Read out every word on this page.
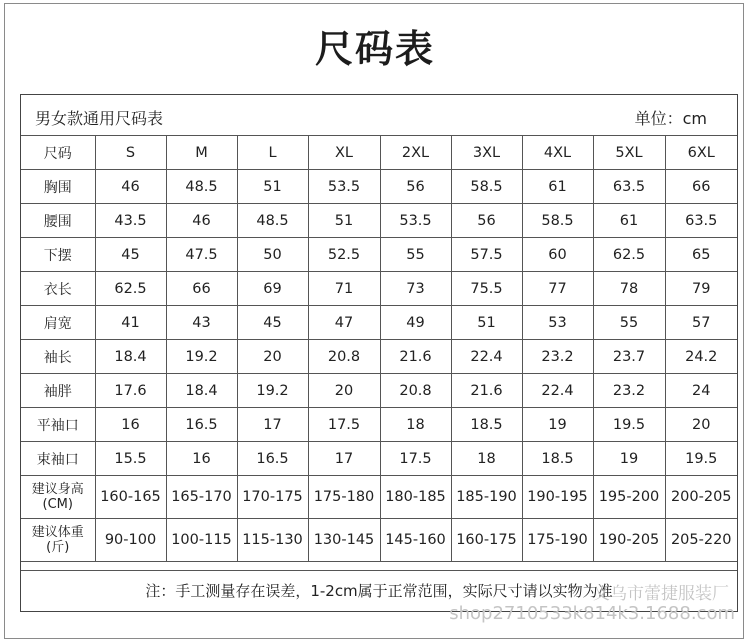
尺码表
男女款通用尺码表	单位：cm
尺码	S	M	L	XL	2XL	3XL	4XL	5XL	6XL
胸围	46	48.5	51	53.5	56	58.5	61	63.5	66
腰围	43.5	46	48.5	51	53.5	56	58.5	61	63.5
下摆	45	47.5	50	52.5	55	57.5	60	62.5	65
衣长	62.5	66	69	71	73	75.5	77	78	79
肩宽	41	43	45	47	49	51	53	55	57
袖长	18.4	19.2	20	20.8	21.6	22.4	23.2	23.7	24.2
袖胖	17.6	18.4	19.2	20	20.8	21.6	22.4	23.2	24
平袖口	16	16.5	17	17.5	18	18.5	19	19.5	20
束袖口	15.5	16	16.5	17	17.5	18	18.5	19	19.5
建议身高
(CM)	160-165	165-170	170-175	175-180	180-185	185-190	190-195	195-200	200-205
建议体重
(斤)	90-100	100-115	115-130	130-145	145-160	160-175	175-190	190-205	205-220
注：手工测量存在误差，1-2cm属于正常范围，实际尺寸请以实物为准
义乌市蕾捷服装厂
shop2710533k814k3.1688.com
